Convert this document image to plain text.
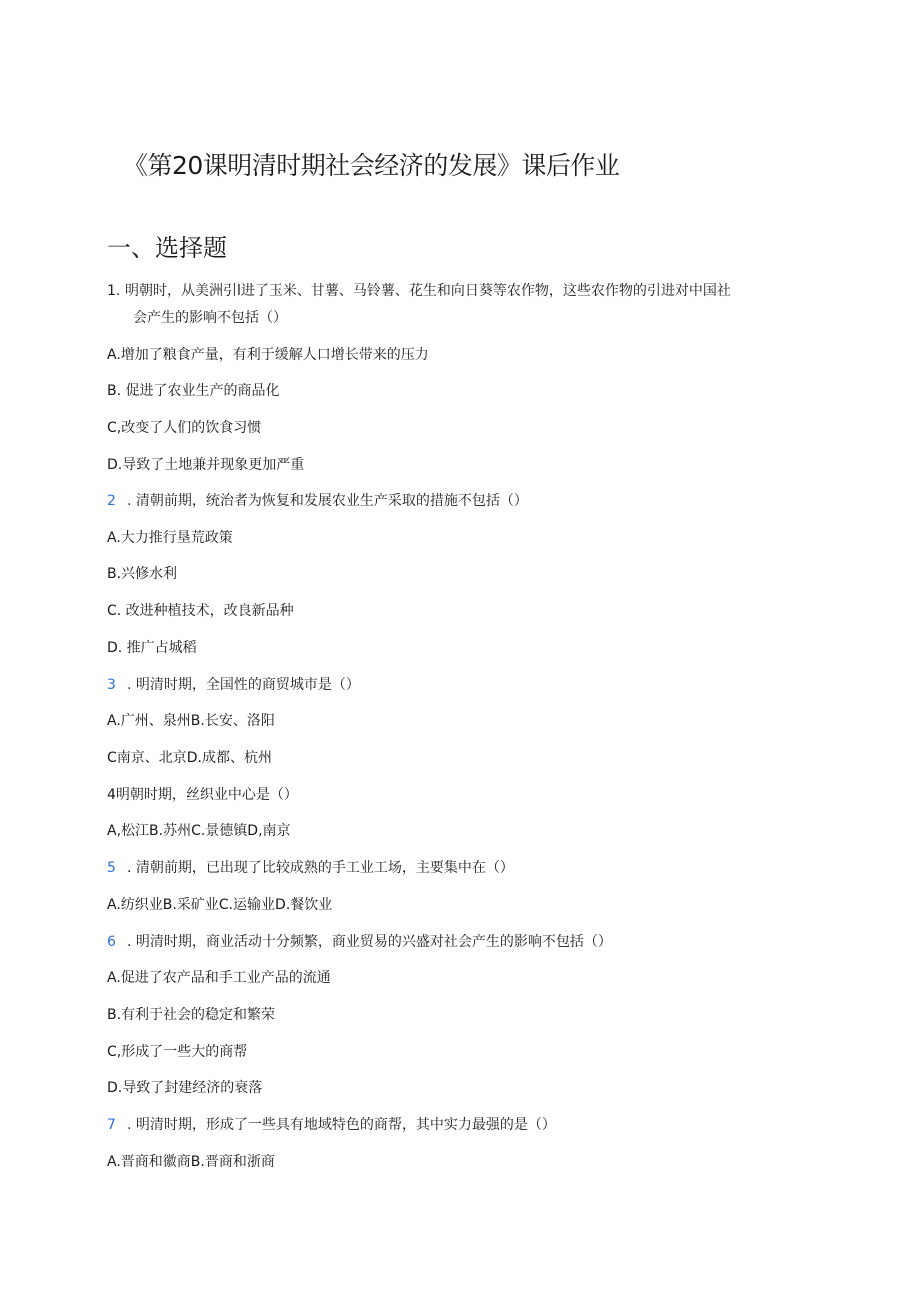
《第20课明清时期社会经济的发展》课后作业
一、选择题
1.明朝时，从美洲引l进了玉米、甘薯、马铃薯、花生和向日葵等农作物，这些农作物的引进对中国社
会产生的影响不包括（）
A.增加了粮食产量，有利于缓解人口增长带来的压力
B. 促进了农业生产的商品化
C,改变了人们的饮食习惯
D.导致了土地兼并现象更加严重
2 . 清朝前期，统治者为恢复和发展农业生产采取的措施不包括（）
A.大力推行垦荒政策
B.兴修水利
C. 改进种植技术，改良新品种
D. 推广占城稻
3 . 明清时期，全国性的商贸城市是（）
A.广州、泉州B.长安、洛阳
C南京、北京D.成都、杭州
4明朝时期，丝织业中心是（）
A,松江B.苏州C.景德镇D,南京
5 . 清朝前期，已出现了比较成熟的手工业工场，主要集中在（）
A.纺织业B.采矿业C.运输业D.餐饮业
6 . 明清时期，商业活动十分频繁，商业贸易的兴盛对社会产生的影响不包括（）
A.促进了农产品和手工业产品的流通
B.有利于社会的稳定和繁荣
C,形成了一些大的商帮
D.导致了封建经济的衰落
7 . 明清时期，形成了一些具有地域特色的商帮，其中实力最强的是（）
A.晋商和徽商B.晋商和浙商
